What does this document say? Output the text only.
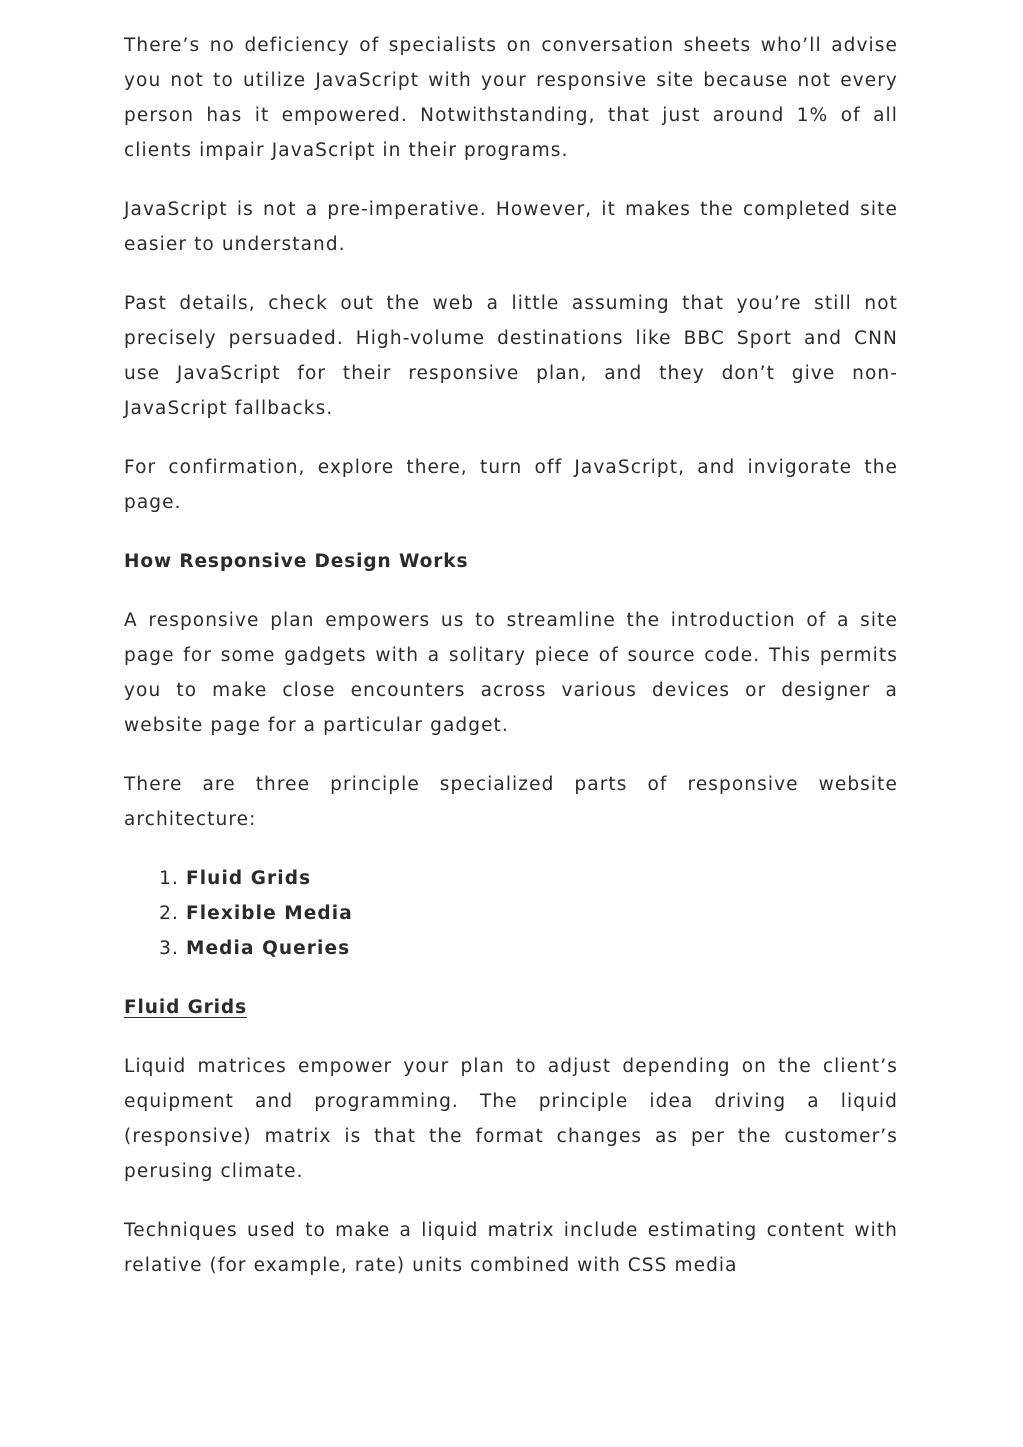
There’s no deficiency of specialists on conversation sheets who’ll advise you not to utilize JavaScript with your responsive site because not every person has it empowered. Notwithstanding, that just around 1% of all clients impair JavaScript in their programs.

JavaScript is not a pre-imperative. However, it makes the completed site easier to understand.

Past details, check out the web a little assuming that you’re still not precisely persuaded. High-volume destinations like BBC Sport and CNN use JavaScript for their responsive plan, and they don’t give non-JavaScript fallbacks.

For confirmation, explore there, turn off JavaScript, and invigorate the page.

How Responsive Design Works

A responsive plan empowers us to streamline the introduction of a site page for some gadgets with a solitary piece of source code. This permits you to make close encounters across various devices or designer a website page for a particular gadget.

There are three principle specialized parts of responsive website architecture:

1. Fluid Grids
2. Flexible Media
3. Media Queries

Fluid Grids

Liquid matrices empower your plan to adjust depending on the client’s equipment and programming. The principle idea driving a liquid (responsive) matrix is that the format changes as per the customer’s perusing climate.

Techniques used to make a liquid matrix include estimating content with relative (for example, rate) units combined with CSS media
